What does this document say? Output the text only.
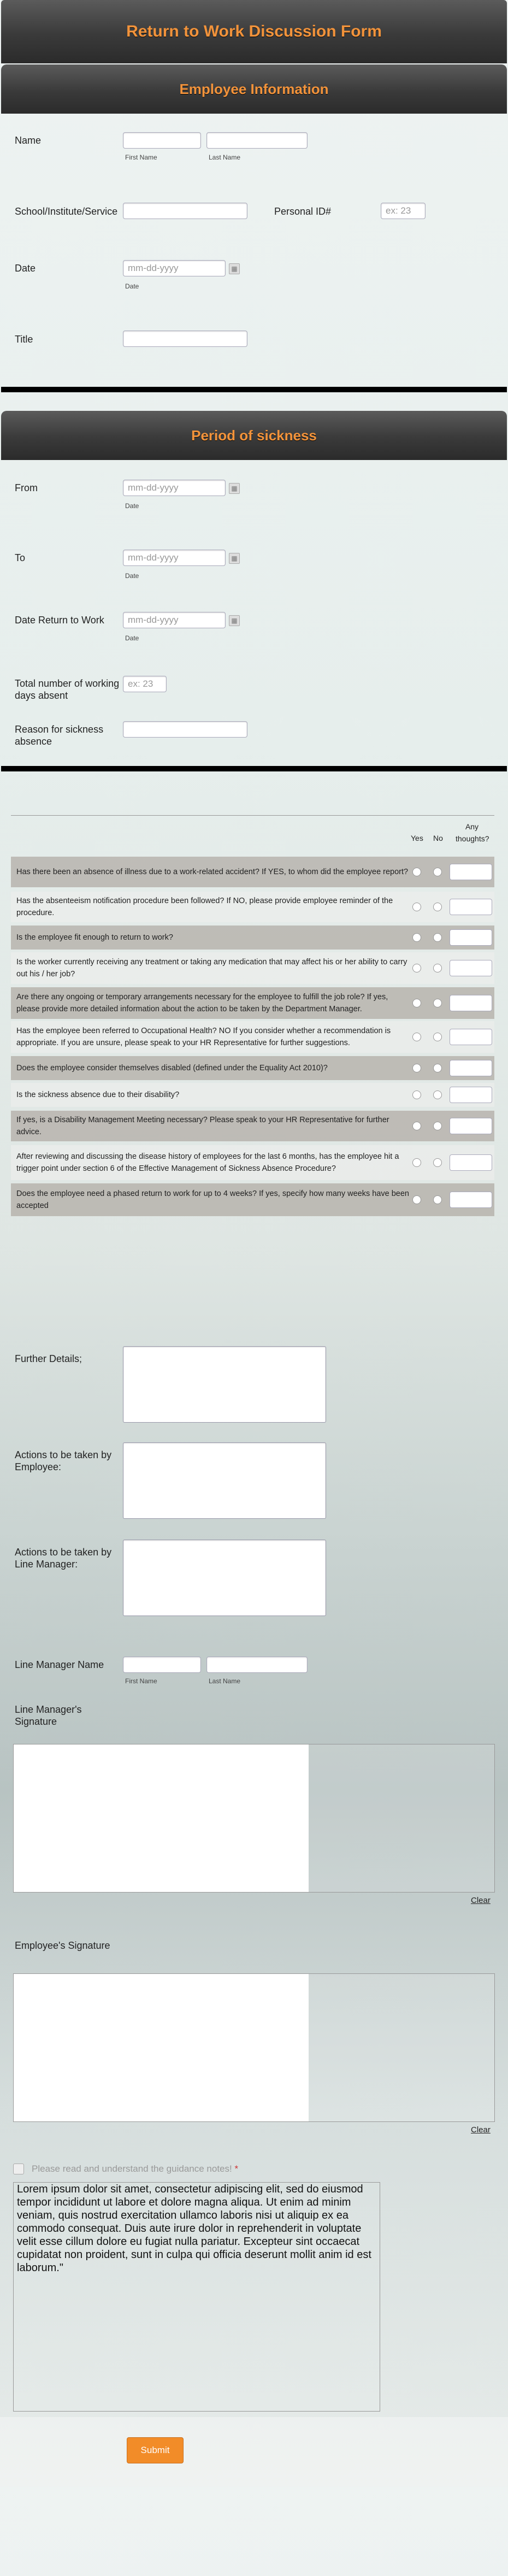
Return to Work Discussion Form
Employee Information
Name
First Name	Last Name
School/Institute/Service	Personal ID#	ex: 23
Date	mm-dd-yyyy	▦
Date
Title
Period of sickness
From	mm-dd-yyyy	▦
Date
To	mm-dd-yyyy	▦
Date
Date Return to Work	mm-dd-yyyy	▦
Date
Total number of working days absent
ex: 23
Reason for sickness absence
Yes No
Any thoughts?
Has there been an absence of illness due to a work-related accident? If YES, to whom did the employee report?
Has the absenteeism notification procedure been followed? If NO, please provide employee reminder of the procedure.
Is the employee fit enough to return to work?
Is the worker currently receiving any treatment or taking any medication that may affect his or her ability to carry out his / her job?
Are there any ongoing or temporary arrangements necessary for the employee to fulfill the job role? If yes, please provide more detailed information about the action to be taken by the Department Manager.
Has the employee been referred to Occupational Health? NO If you consider whether a recommendation is appropriate. If you are unsure, please speak to your HR Representative for further suggestions.
Does the employee consider themselves disabled (defined under the Equality Act 2010)?
Is the sickness absence due to their disability?
If yes, is a Disability Management Meeting necessary? Please speak to your HR Representative for further advice.
After reviewing and discussing the disease history of employees for the last 6 months, has the employee hit a trigger point under section 6 of the Effective Management of Sickness Absence Procedure?
Does the employee need a phased return to work for up to 4 weeks? If yes, specify how many weeks have been accepted
Further Details;
Actions to be taken by Employee:
Actions to be taken by Line Manager:
Line Manager Name
First Name	Last Name
Line Manager's Signature
Clear
Employee's Signature
Clear
Please read and understand the guidance notes! *
Lorem ipsum dolor sit amet, consectetur adipiscing elit, sed do eiusmod tempor incididunt ut labore et dolore magna aliqua. Ut enim ad minim veniam, quis nostrud exercitation ullamco laboris nisi ut aliquip ex ea commodo consequat. Duis aute irure dolor in reprehenderit in voluptate velit esse cillum dolore eu fugiat nulla pariatur. Excepteur sint occaecat cupidatat non proident, sunt in culpa qui officia deserunt mollit anim id est laborum."
Submit
